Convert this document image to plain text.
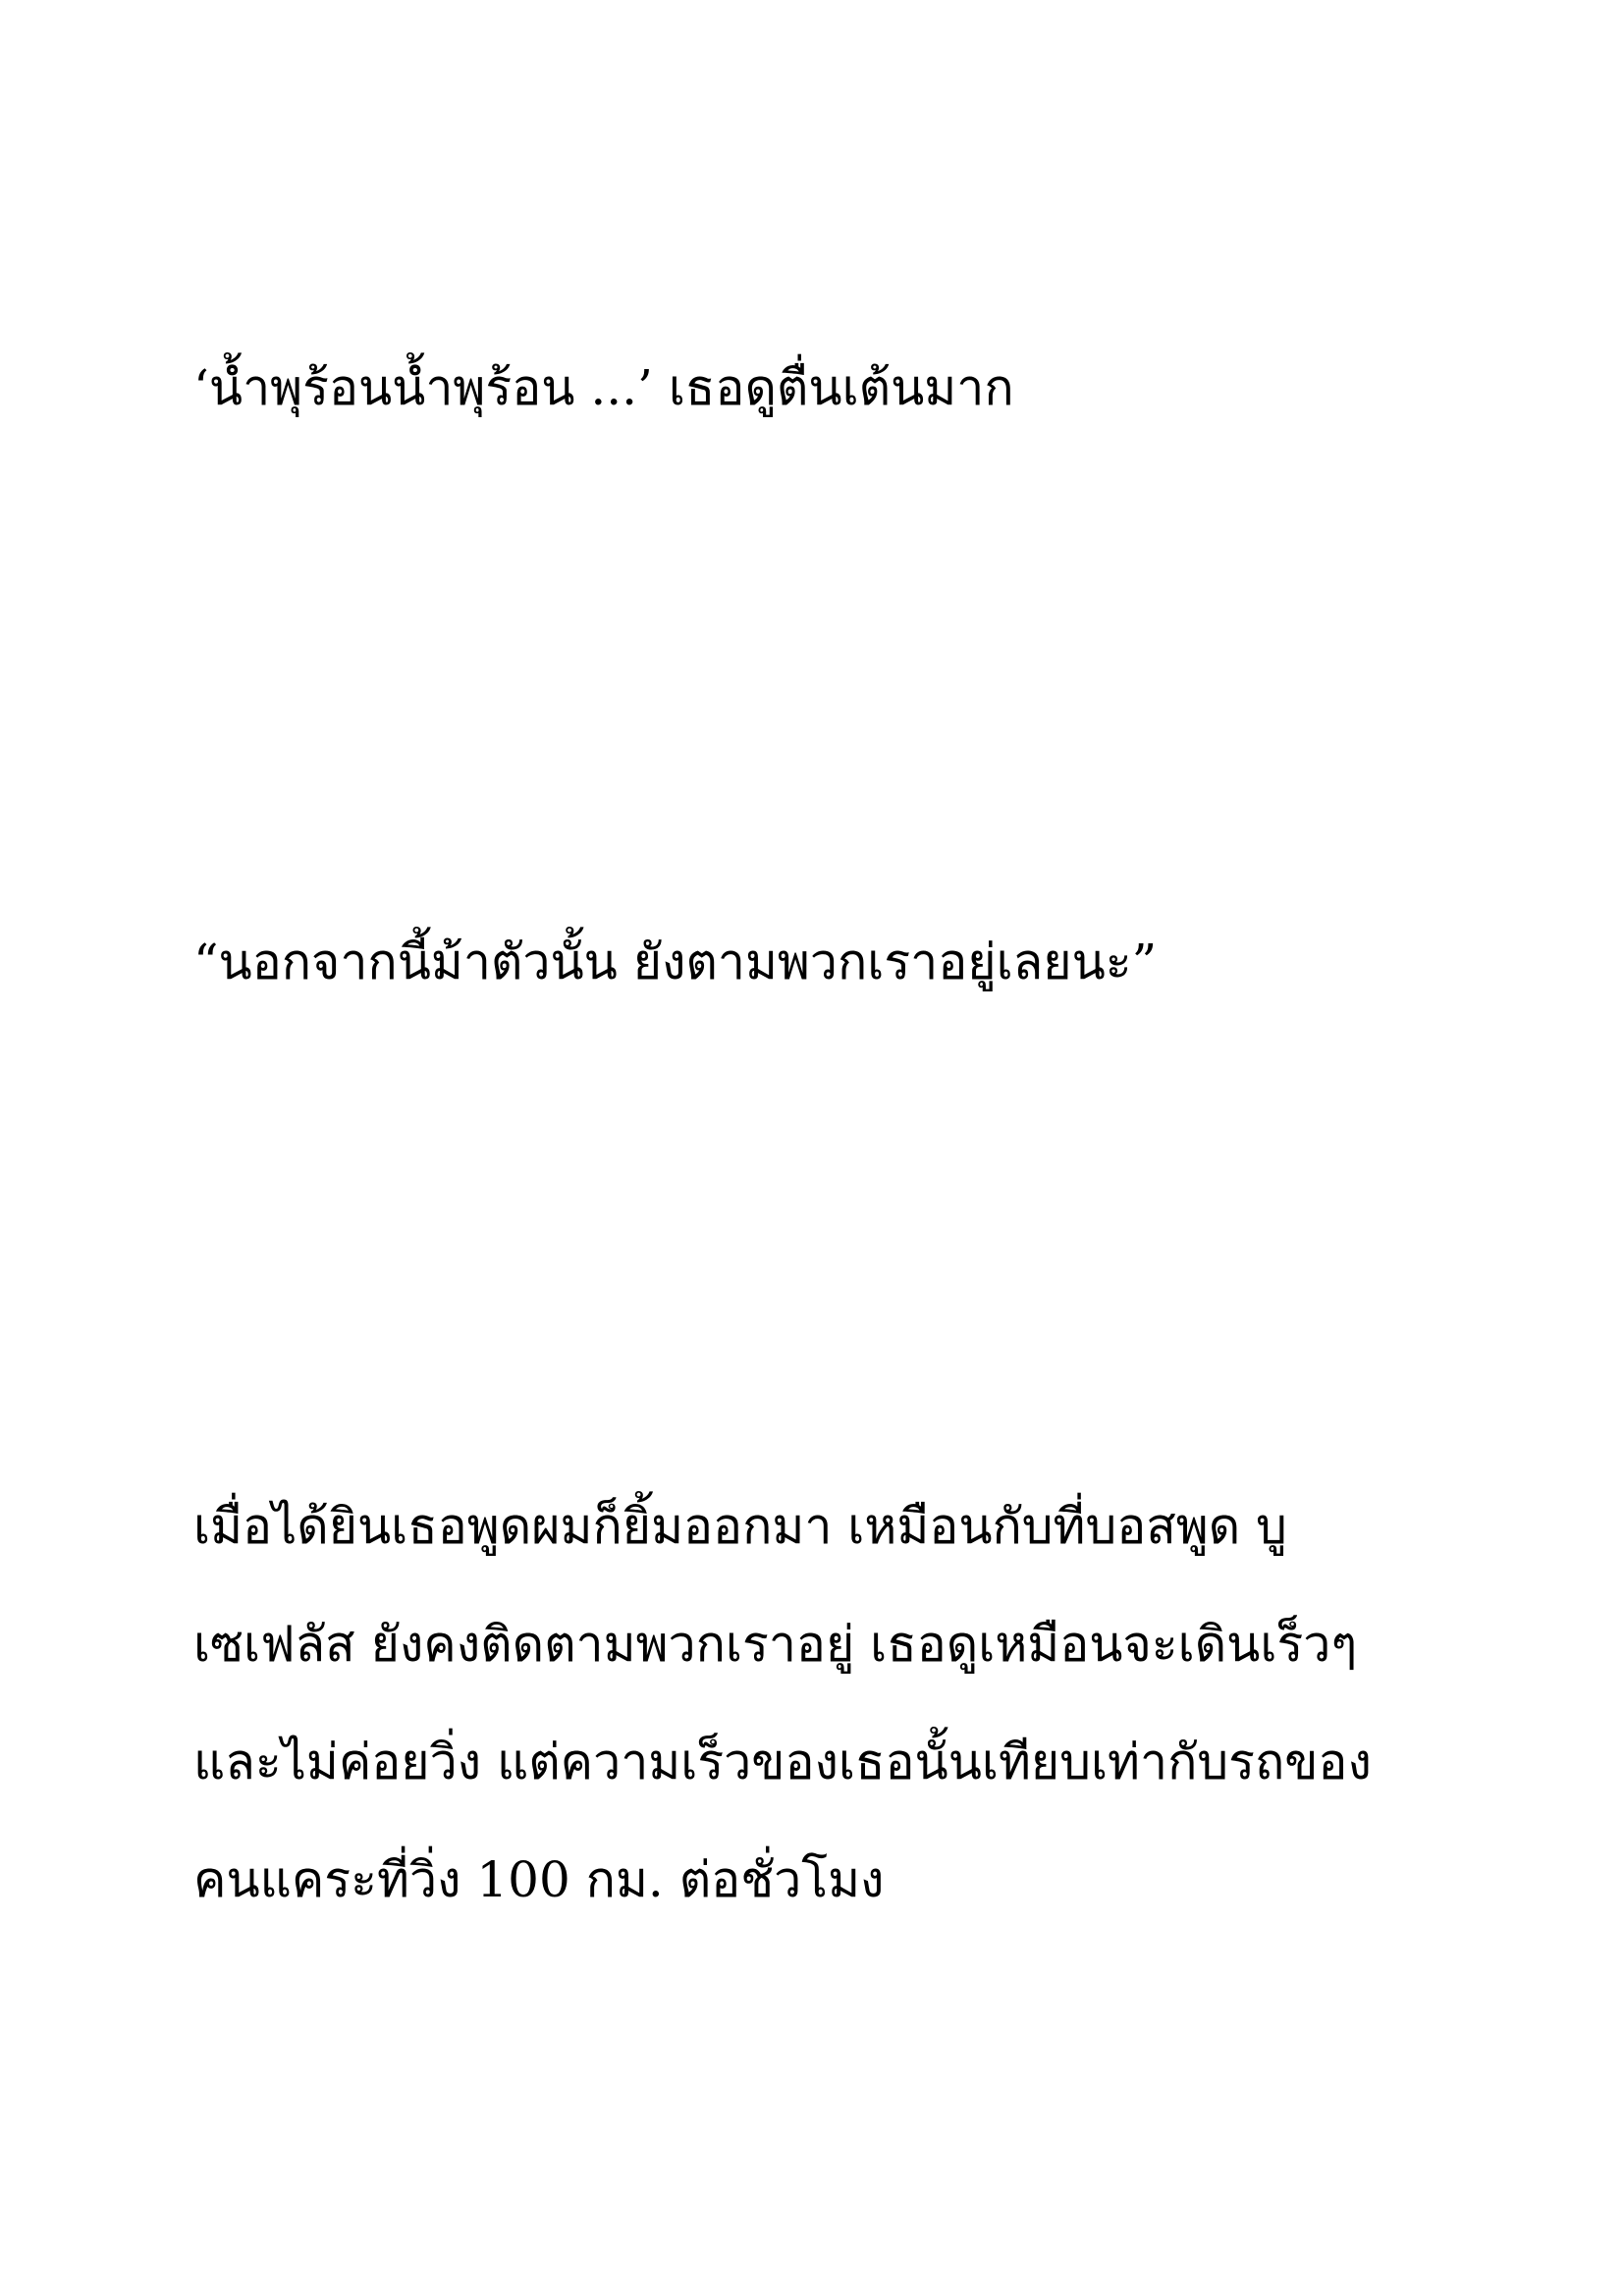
‘น้ำพุร้อนน้ำพุร้อน ...’ เธอดูตื่นเต้นมาก

“นอกจากนี้ม้าตัวนั้น ยังตามพวกเราอยู่เลยนะ”

เมื่อได้ยินเธอพูดผมก็ยิ้มออกมา เหมือนกับที่บอสพูด บู

เซเฟลัส ยังคงติดตามพวกเราอยู่ เธอดูเหมือนจะเดินเร็วๆ

และไม่ค่อยวิ่ง แต่ความเร็วของเธอนั้นเทียบเท่ากับรถของ

คนแคระที่วิ่ง 100 กม. ต่อชั่วโมง
